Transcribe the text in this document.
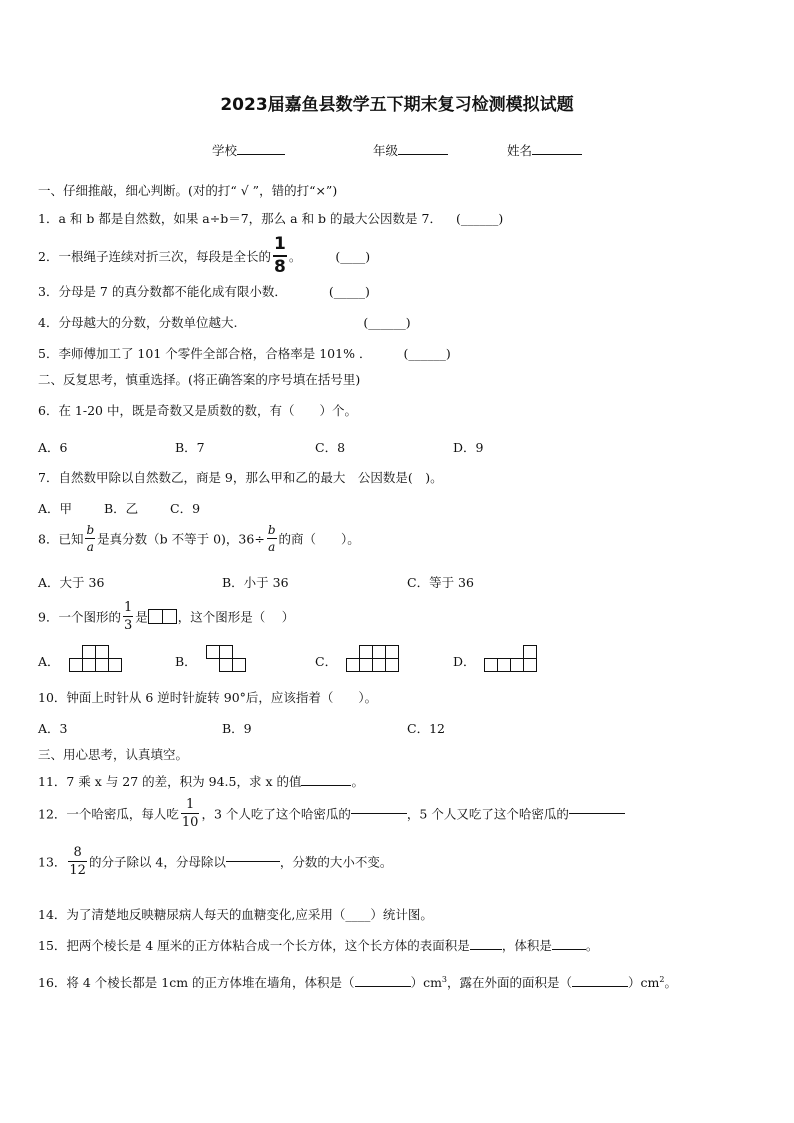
2023届嘉鱼县数学五下期末复习检测模拟试题
学校	年级	姓名
一、仔细推敲，细心判断。(对的打“ √ ”，错的打“×”)
1．a 和 b 都是自然数，如果 a÷b＝7，那么 a 和 b 的最大公因数是 7． (______)
2．一根绳子连续对折三次，每段是全长的 $\frac{1}{8}$ 。	(____)
3．分母是 7 的真分数都不能化成有限小数．	(_____)
4．分母越大的分数，分数单位越大.	(______)
5．李师傅加工了 101 个零件全部合格，合格率是 101% ．	(______)
二、反复思考，慎重选择。(将正确答案的序号填在括号里)
6．在 1-20 中，既是奇数又是质数的数，有（　　）个。
A．6	B．7	C．8	D．9
7．自然数甲除以自然数乙，商是 9，那么甲和乙的最大　公因数是(　)。
A．甲	B．乙	C．9
8．已知 $\frac{b}{a}$ 是真分数（b 不等于 0)，$36\div \frac{b}{a}$ 的商（　　）。
A．大于 36	B．小于 36	C．等于 36
9．一个图形的 $\frac{1}{3}$ 是 ，这个图形是（　 ）
A．	B．	C．	D．
10．钟面上时针从 6 逆时针旋转 90°后，应该指着（　　）。
A．3	B．9	C．12
三、用心思考，认真填空。
11．7 乘 x 与 27 的差，积为 94.5，求 x 的值	。
12．一个哈密瓜，每人吃 $\frac{1}{10}$ ，3 个人吃了这个哈密瓜的	，5 个人又吃了这个哈密瓜的
13． $\frac{8}{12}$ 的分子除以 4，分母除以	，分数的大小不变。
14．为了清楚地反映糖尿病人每天的血糖变化,应采用（____）统计图。
15．把两个棱长是 4 厘米的正方体粘合成一个长方体，这个长方体的表面积是	，体积是	。
16．将 4 个棱长都是 1cm 的正方体堆在墙角，体积是（	）$cm^3$，露在外面的面积是（	）$cm^2$。
